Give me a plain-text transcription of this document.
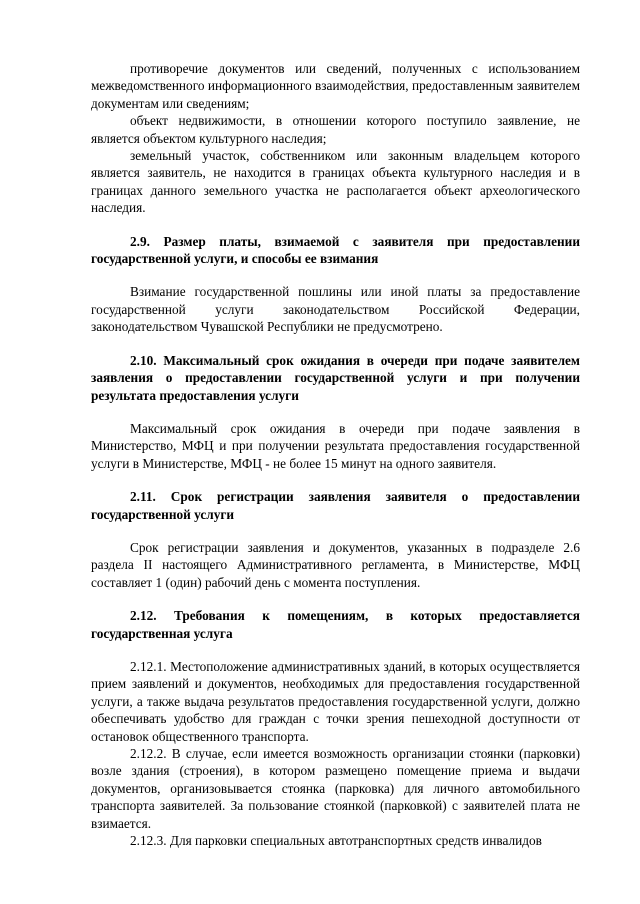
противоречие документов или сведений, полученных с использованием межведомственного информационного взаимодействия, предоставленным заявителем документам или сведениям;

объект недвижимости, в отношении которого поступило заявление, не является объектом культурного наследия;

земельный участок, собственником или законным владельцем которого является заявитель, не находится в границах объекта культурного наследия и в границах данного земельного участка не располагается объект археологического наследия.

2.9. Размер платы, взимаемой с заявителя при предоставлении государственной услуги, и способы ее взимания

Взимание государственной пошлины или иной платы за предоставление государственной услуги законодательством Российской Федерации, законодательством Чувашской Республики не предусмотрено.

2.10. Максимальный срок ожидания в очереди при подаче заявителем заявления о предоставлении государственной услуги и при получении результата предоставления услуги

Максимальный срок ожидания в очереди при подаче заявления в Министерство, МФЦ и при получении результата предоставления государственной услуги в Министерстве, МФЦ - не более 15 минут на одного заявителя.

2.11. Срок регистрации заявления заявителя о предоставлении государственной услуги

Срок регистрации заявления и документов, указанных в подразделе 2.6 раздела II настоящего Административного регламента, в Министерстве, МФЦ составляет 1 (один) рабочий день с момента поступления.

2.12. Требования к помещениям, в которых предоставляется государственная услуга

2.12.1. Местоположение административных зданий, в которых осуществляется прием заявлений и документов, необходимых для предоставления государственной услуги, а также выдача результатов предоставления государственной услуги, должно обеспечивать удобство для граждан с точки зрения пешеходной доступности от остановок общественного транспорта.

2.12.2. В случае, если имеется возможность организации стоянки (парковки) возле здания (строения), в котором размещено помещение приема и выдачи документов, организовывается стоянка (парковка) для личного автомобильного транспорта заявителей. За пользование стоянкой (парковкой) с заявителей плата не взимается.

2.12.3. Для парковки специальных автотранспортных средств инвалидов
